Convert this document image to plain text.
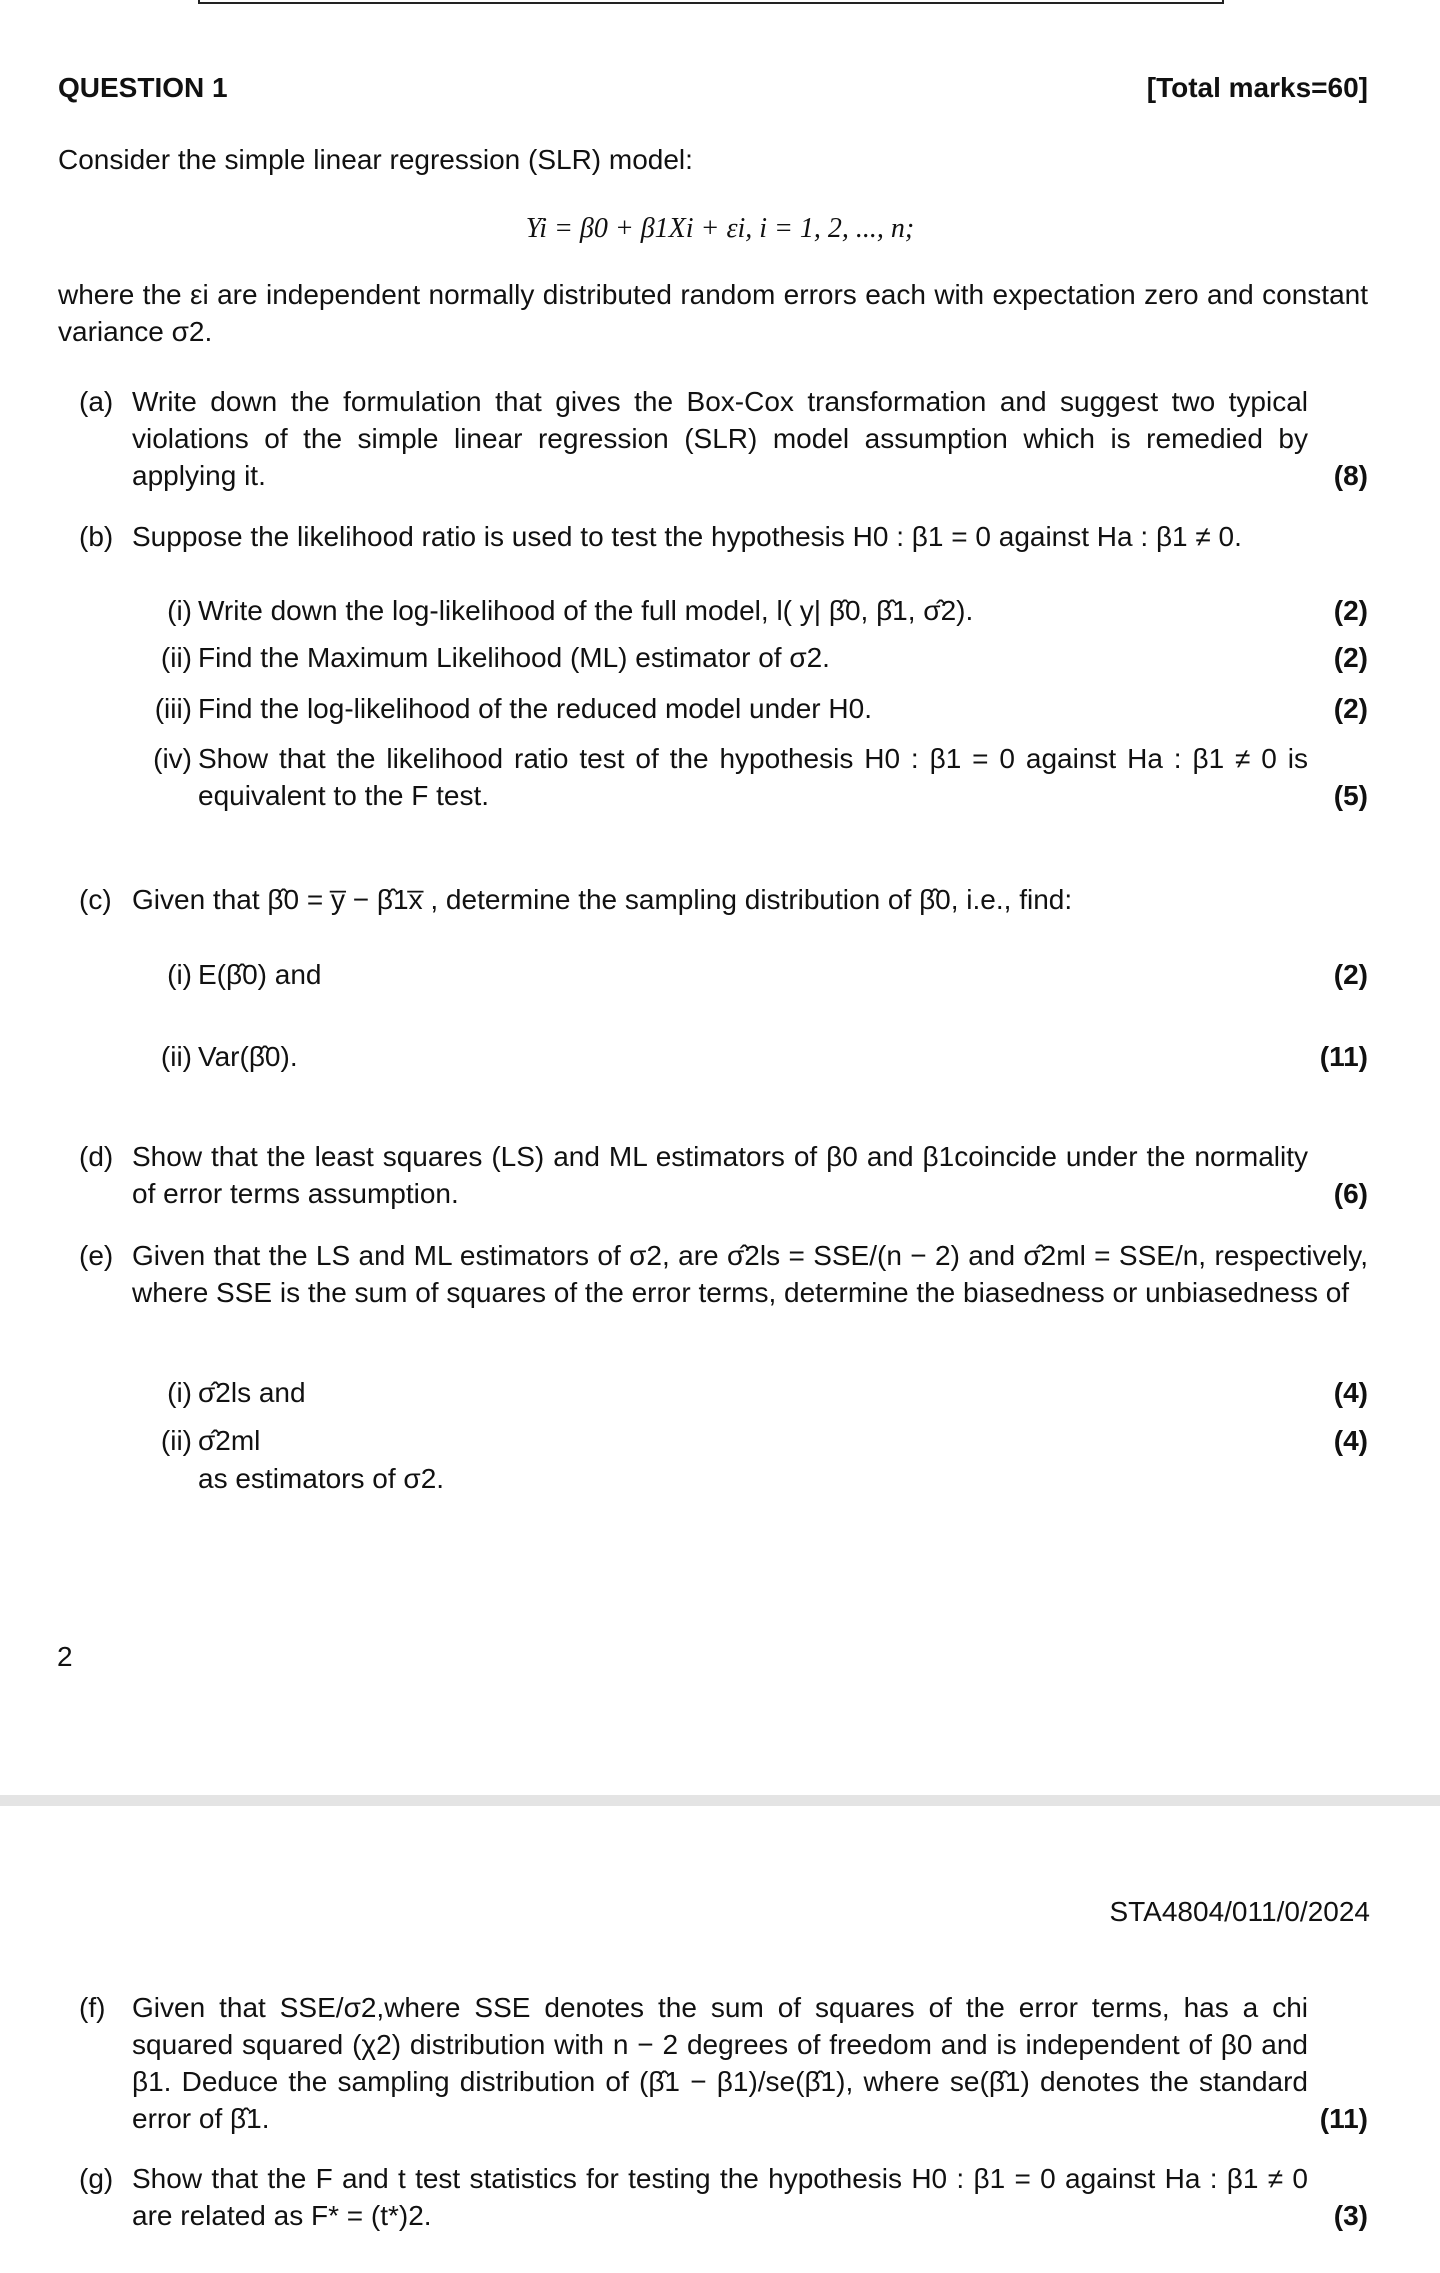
QUESTION 1	[Total marks=60]
Consider the simple linear regression (SLR) model:
Yi = β0 + β1Xi + εi, i = 1, 2, ..., n;
where the εi are independent normally distributed random errors each with expectation zero and constant variance σ2.
(a) Write down the formulation that gives the Box-Cox transformation and suggest two typical violations of the simple linear regression (SLR) model assumption which is remedied by applying it.	(8)
(b) Suppose the likelihood ratio is used to test the hypothesis H0 : β1 = 0 against Ha : β1 ≠ 0.
(i) Write down the log-likelihood of the full model, l( y| β̂0, β̂1, σ̂2).	(2)
(ii) Find the Maximum Likelihood (ML) estimator of σ2.	(2)
(iii) Find the log-likelihood of the reduced model under H0.	(2)
(iv) Show that the likelihood ratio test of the hypothesis H0 : β1 = 0 against Ha : β1 ≠ 0 is equivalent to the F test.	(5)
(c) Given that β̂0 = y̅ − β̂1x̅ , determine the sampling distribution of β̂0, i.e., find:
(i) E(β̂0) and	(2)
(ii) Var(β̂0).	(11)
(d) Show that the least squares (LS) and ML estimators of β0 and β1coincide under the normality of error terms assumption.	(6)
(e) Given that the LS and ML estimators of σ2, are σ̂2ls = SSE/(n − 2) and σ̂2ml = SSE/n, respectively, where SSE is the sum of squares of the error terms, determine the biasedness or unbiasedness of
(i) σ̂2ls and	(4)
(ii) σ̂2ml	(4)
as estimators of σ2.
2
STA4804/011/0/2024
(f) Given that SSE/σ2,where SSE denotes the sum of squares of the error terms, has a chi squared squared (χ2) distribution with n − 2 degrees of freedom and is independent of β0 and β1. Deduce the sampling distribution of (β̂1 − β1)/se(β̂1), where se(β̂1) denotes the standard error of β̂1.	(11)
(g) Show that the F and t test statistics for testing the hypothesis H0 : β1 = 0 against Ha : β1 ≠ 0 are related as F* = (t*)2.	(3)
